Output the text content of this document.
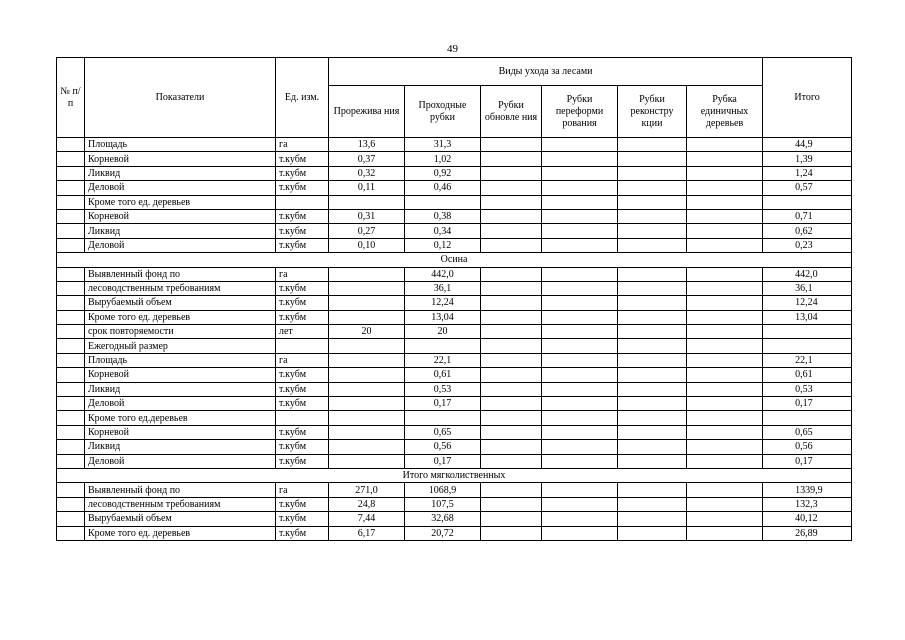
49
№ п/п	Показатели	Ед. изм.	Виды ухода за лесами						Итого
			Прорежива ния	Проходные рубки	Рубки обновле ния	Рубки переформи рования	Рубки реконстру кции	Рубка единичных деревьев	
	Площадь	га	13,6	31,3					44,9
	Корневой	т.кубм	0,37	1,02					1,39
	Ликвид	т.кубм	0,32	0,92					1,24
	Деловой	т.кубм	0,11	0,46					0,57
	Кроме того ед. деревьев								
	Корневой	т.кубм	0,31	0,38					0,71
	Ликвид	т.кубм	0,27	0,34					0,62
	Деловой	т.кубм	0,10	0,12					0,23
Осина									
	Выявленный фонд по	га		442,0					442,0
	лесоводственным требованиям	т.кубм		36,1					36,1
	Вырубаемый объем	т.кубм		12,24					12,24
	Кроме того ед. деревьев	т.кубм		13,04					13,04
	срок повторяемости	лет	20	20					
	Ежегодный размер								
	Площадь	га		22,1					22,1
	Корневой	т.кубм		0,61					0,61
	Ликвид	т.кубм		0,53					0,53
	Деловой	т.кубм		0,17					0,17
	Кроме того ед.деревьев								
	Корневой	т.кубм		0,65					0,65
	Ликвид	т.кубм		0,56					0,56
	Деловой	т.кубм		0,17					0,17
Итого мягколиственных									
	Выявленный фонд по	га	271,0	1068,9					1339,9
	лесоводственным требованиям	т.кубм	24,8	107,5					132,3
	Вырубаемый объем	т.кубм	7,44	32,68					40,12
	Кроме того ед. деревьев	т.кубм	6,17	20,72					26,89
